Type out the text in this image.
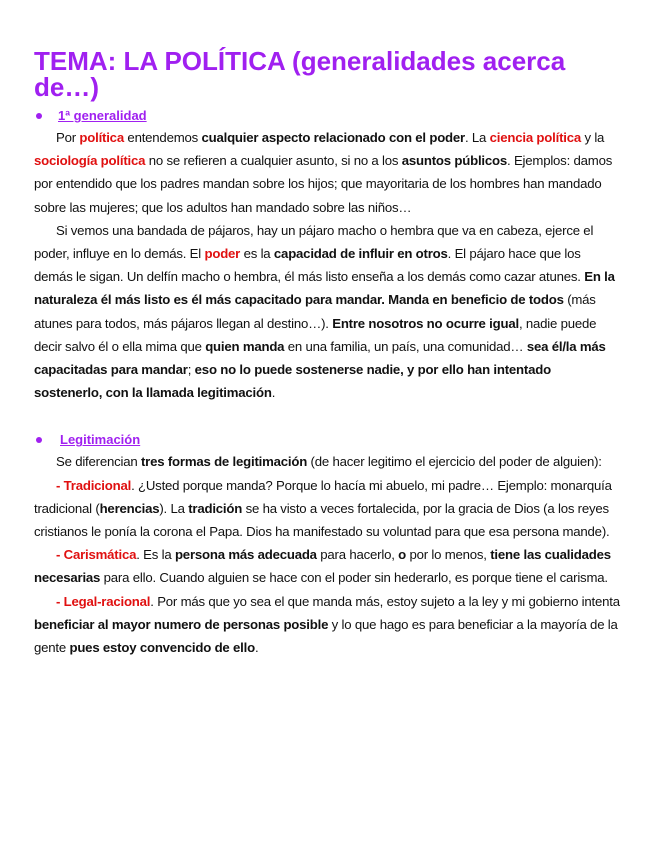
TEMA: LA POLÍTICA (generalidades acerca de…)
1ª generalidad

Por política entendemos cualquier aspecto relacionado con el poder. La ciencia política y la sociología política no se refieren a cualquier asunto, si no a los asuntos públicos. Ejemplos: damos por entendido que los padres mandan sobre los hijos; que mayoritaria de los hombres han mandado sobre las mujeres; que los adultos han mandado sobre las niños…

Si vemos una bandada de pájaros, hay un pájaro macho o hembra que va en cabeza, ejerce el poder, influye en lo demás. El poder es la capacidad de influir en otros. El pájaro hace que los demás le sigan. Un delfín macho o hembra, él más listo enseña a los demás como cazar atunes. En la naturaleza él más listo es él más capacitado para mandar. Manda en beneficio de todos (más atunes para todos, más pájaros llegan al destino…). Entre nosotros no ocurre igual, nadie puede decir salvo él o ella mima que quien manda en una familia, un país, una comunidad… sea él/la más capacitadas para mandar; eso no lo puede sostenerse nadie, y por ello han intentado sostenerlo, con la llamada legitimación.

Legitimación

Se diferencian tres formas de legitimación (de hacer legitimo el ejercicio del poder de alguien):

- Tradicional. ¿Usted porque manda? Porque lo hacía mi abuelo, mi padre… Ejemplo: monarquía tradicional (herencias). La tradición se ha visto a veces fortalecida, por la gracia de Dios (a los reyes cristianos le ponía la corona el Papa. Dios ha manifestado su voluntad para que esa persona mande).

- Carismática. Es la persona más adecuada para hacerlo, o por lo menos, tiene las cualidades necesarias para ello. Cuando alguien se hace con el poder sin hederarlo, es porque tiene el carisma.

- Legal-racional. Por más que yo sea el que manda más, estoy sujeto a la ley y mi gobierno intenta beneficiar al mayor numero de personas posible y lo que hago es para beneficiar a la mayoría de la gente pues estoy convencido de ello.
